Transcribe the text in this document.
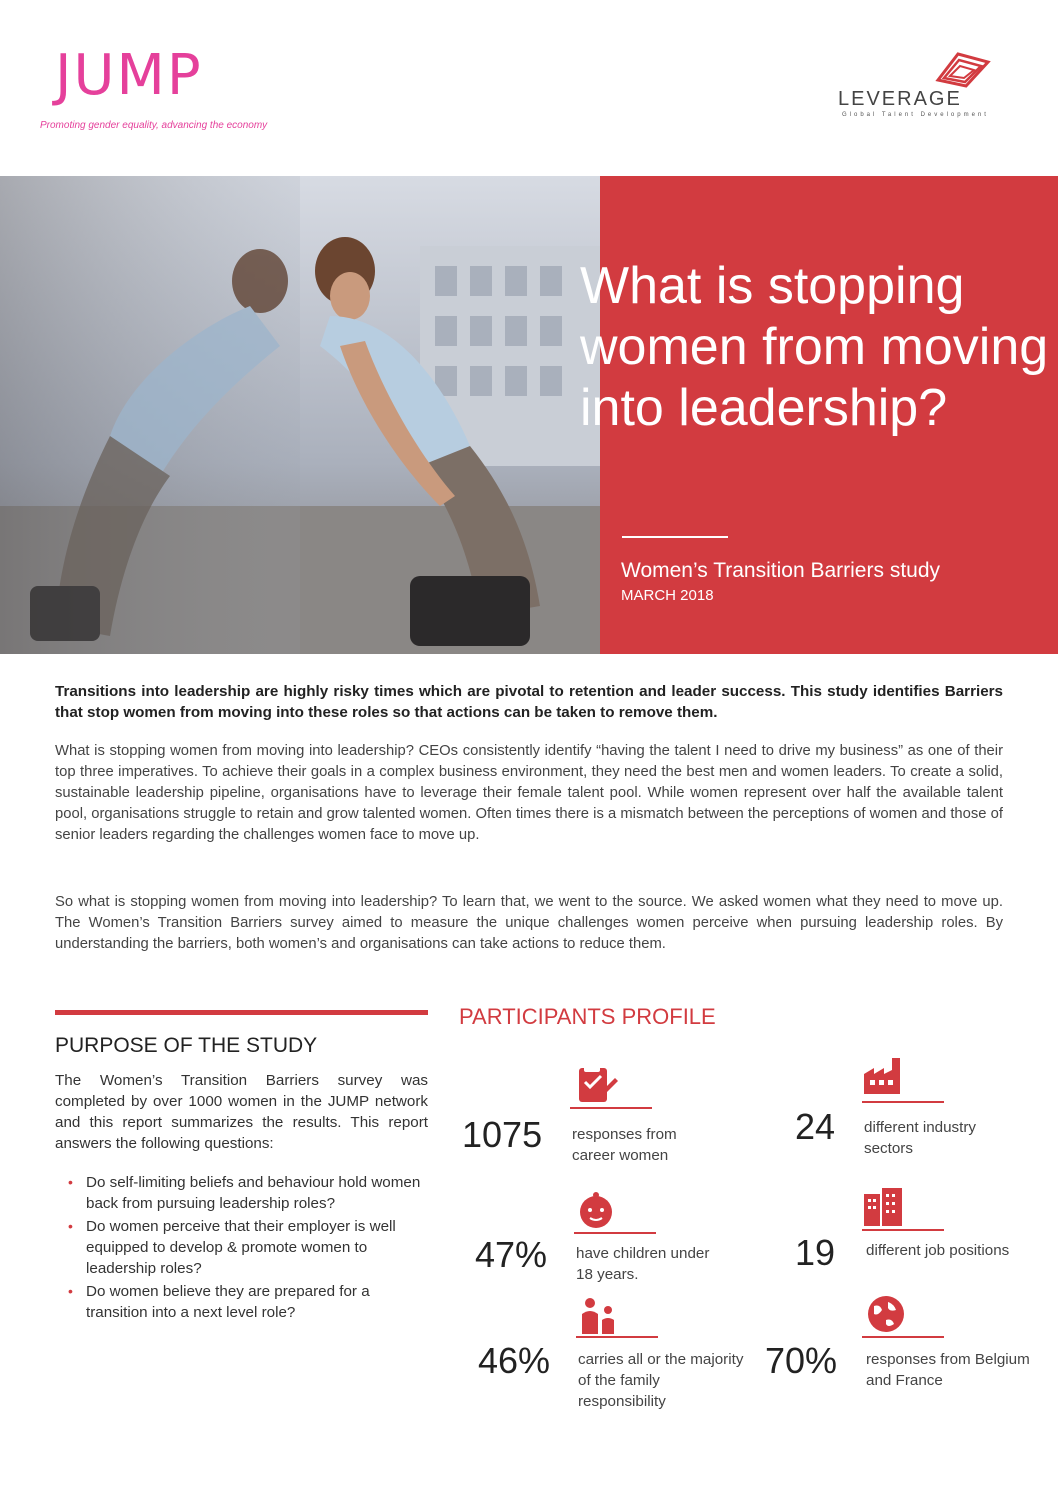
JUMP
Promoting gender equality, advancing the economy
LEVERAGE
Global Talent Development
What is stopping women from moving into leadership?
Women’s Transition Barriers study
MARCH 2018
Transitions into leadership are highly risky times which are pivotal to retention and leader success. This study identifies Barriers that stop women from moving into these roles so that actions can be taken to remove them.
What is stopping women from moving into leadership? CEOs consistently identify “having the talent I need to drive my business” as one of their top three imperatives. To achieve their goals in a complex business environment, they need the best men and women leaders. To create a solid, sustainable leadership pipeline, organisations have to leverage their female talent pool. While women represent over half the available talent pool, organisations struggle to retain and grow talented women. Often times there is a mismatch between the perceptions of women and those of senior leaders regarding the challenges women face to move up.
So what is stopping women from moving into leadership? To learn that, we went to the source. We asked women what they need to move up. The Women’s Transition Barriers survey aimed to measure the unique challenges women perceive when pursuing leadership roles. By understanding the barriers, both women’s and organisations can take actions to reduce them.
PURPOSE OF THE STUDY
The Women’s Transition Barriers survey was completed by over 1000 women in the JUMP network and this report summarizes the results. This report answers the following questions:
• Do self-limiting beliefs and behaviour hold women back from pursuing leadership roles?
• Do women perceive that their employer is well equipped to develop & promote women to leadership roles?
• Do women believe they are prepared for a transition into a next level role?
PARTICIPANTS PROFILE
1075 responses from career women
24 different industry sectors
47% have children under 18 years.
19 different job positions
46% carries all or the majority of the family responsibility
70% responses from Belgium and France
